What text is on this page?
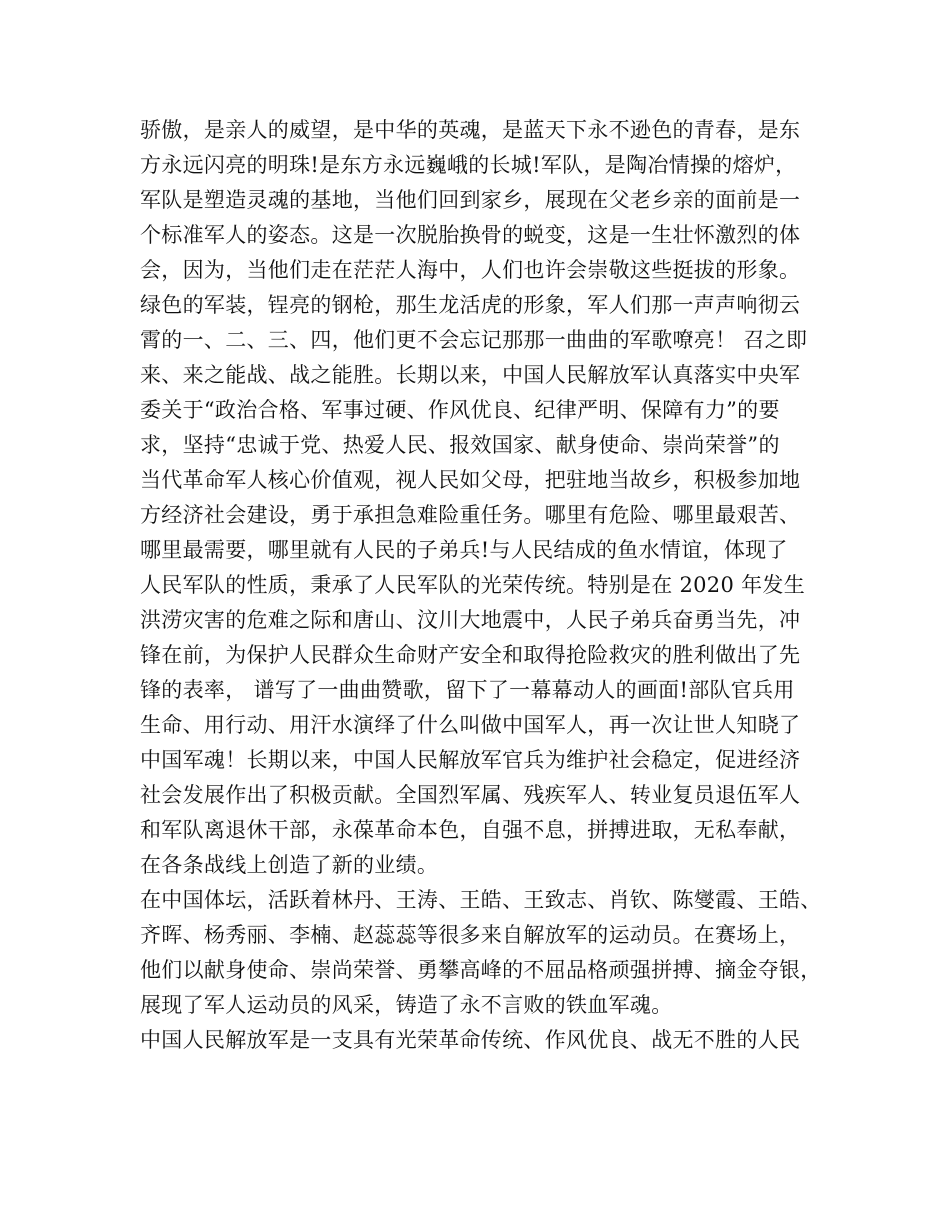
骄傲，是亲人的威望，是中华的英魂，是蓝天下永不逊色的青春，是东
方永远闪亮的明珠!是东方永远巍峨的长城!军队，是陶冶情操的熔炉，
军队是塑造灵魂的基地，当他们回到家乡，展现在父老乡亲的面前是一
个标准军人的姿态。这是一次脱胎换骨的蜕变，这是一生壮怀激烈的体
会，因为，当他们走在茫茫人海中，人们也许会崇敬这些挺拔的形象。
绿色的军装，锃亮的钢枪，那生龙活虎的形象，军人们那一声声响彻云
霄的一、二、三、四，他们更不会忘记那那一曲曲的军歌嘹亮！ 召之即
来、来之能战、战之能胜。长期以来，中国人民解放军认真落实中央军
委关于“政治合格、军事过硬、作风优良、纪律严明、保障有力”的要
求，坚持“忠诚于党、热爱人民、报效国家、献身使命、崇尚荣誉”的
当代革命军人核心价值观，视人民如父母，把驻地当故乡，积极参加地
方经济社会建设，勇于承担急难险重任务。哪里有危险、哪里最艰苦、
哪里最需要，哪里就有人民的子弟兵!与人民结成的鱼水情谊，体现了
人民军队的性质，秉承了人民军队的光荣传统。特别是在 2020 年发生
洪涝灾害的危难之际和唐山、汶川大地震中，人民子弟兵奋勇当先，冲
锋在前，为保护人民群众生命财产安全和取得抢险救灾的胜利做出了先
锋的表率， 谱写了一曲曲赞歌，留下了一幕幕动人的画面!部队官兵用
生命、用行动、用汗水演绎了什么叫做中国军人，再一次让世人知晓了
中国军魂！长期以来，中国人民解放军官兵为维护社会稳定，促进经济
社会发展作出了积极贡献。全国烈军属、残疾军人、转业复员退伍军人
和军队离退休干部，永葆革命本色，自强不息，拼搏进取，无私奉献，
在各条战线上创造了新的业绩。
在中国体坛，活跃着林丹、王涛、王皓、王致志、肖钦、陈燮霞、王皓、
齐晖、杨秀丽、李楠、赵蕊蕊等很多来自解放军的运动员。在赛场上，
他们以献身使命、崇尚荣誉、勇攀高峰的不屈品格顽强拼搏、摘金夺银，
展现了军人运动员的风采，铸造了永不言败的铁血军魂。
中国人民解放军是一支具有光荣革命传统、作风优良、战无不胜的人民
